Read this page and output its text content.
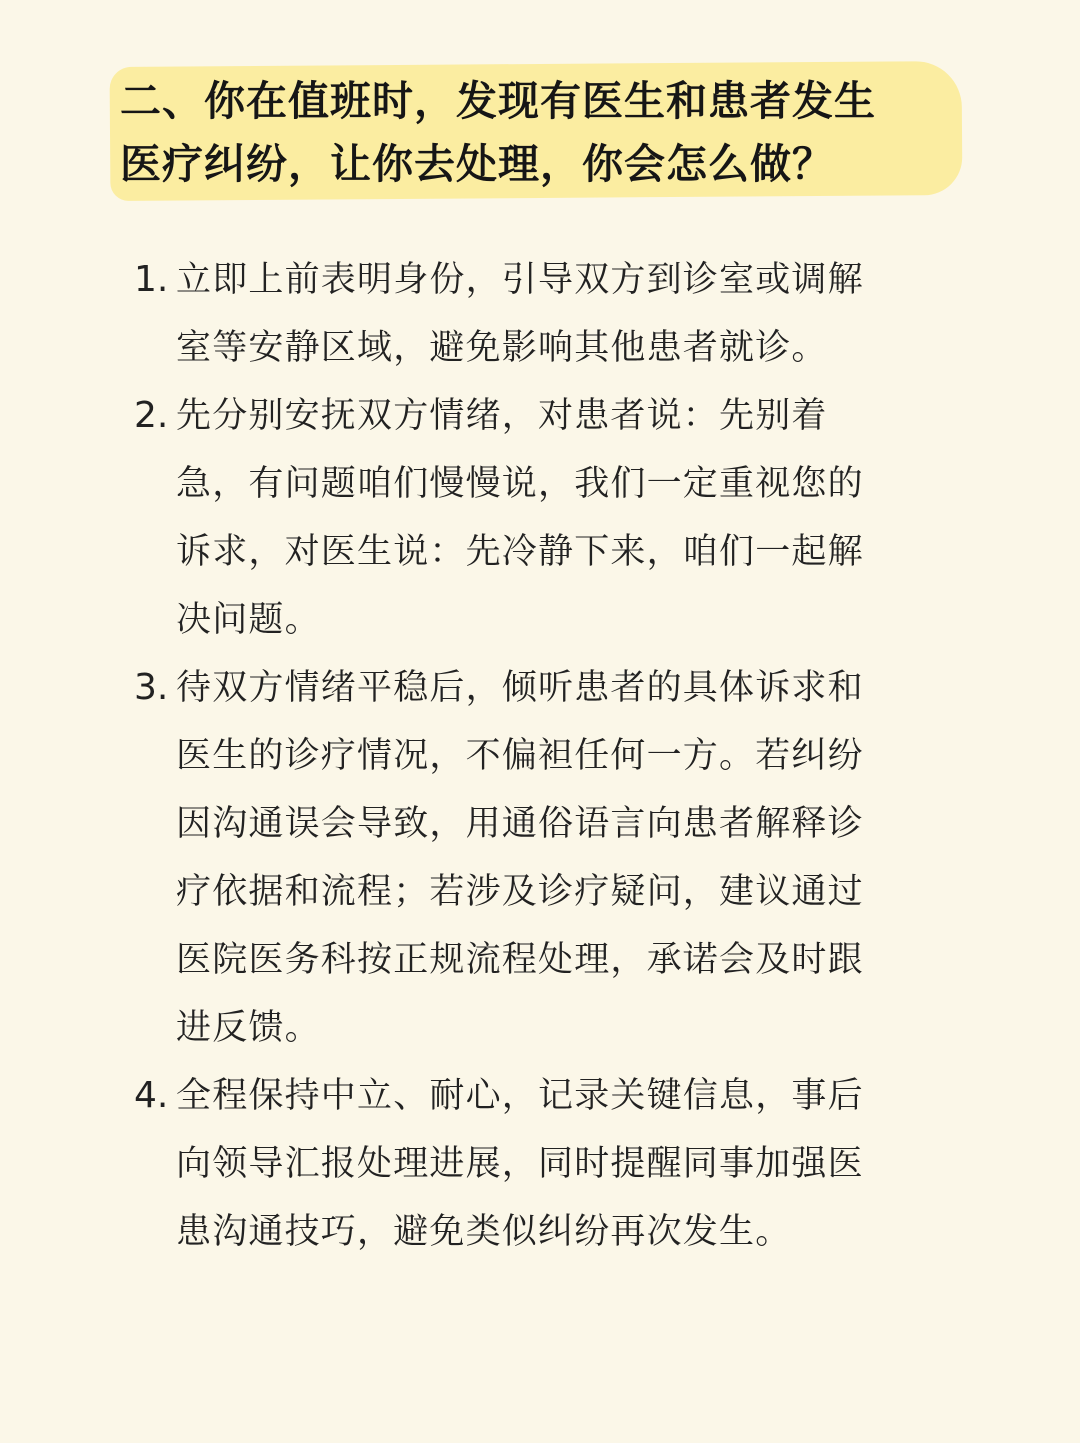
二、你在值班时，发现有医生和患者发生
医疗纠纷，让你去处理，你会怎么做？
1. 立即上前表明身份，引导双方到诊室或调解
室等安静区域，避免影响其他患者就诊。
2. 先分别安抚双方情绪，对患者说：先别着
急，有问题咱们慢慢说，我们一定重视您的
诉求，对医生说：先冷静下来，咱们一起解
决问题。
3. 待双方情绪平稳后，倾听患者的具体诉求和
医生的诊疗情况，不偏袒任何一方。若纠纷
因沟通误会导致，用通俗语言向患者解释诊
疗依据和流程；若涉及诊疗疑问，建议通过
医院医务科按正规流程处理，承诺会及时跟
进反馈。
4. 全程保持中立、耐心，记录关键信息，事后
向领导汇报处理进展，同时提醒同事加强医
患沟通技巧，避免类似纠纷再次发生。
